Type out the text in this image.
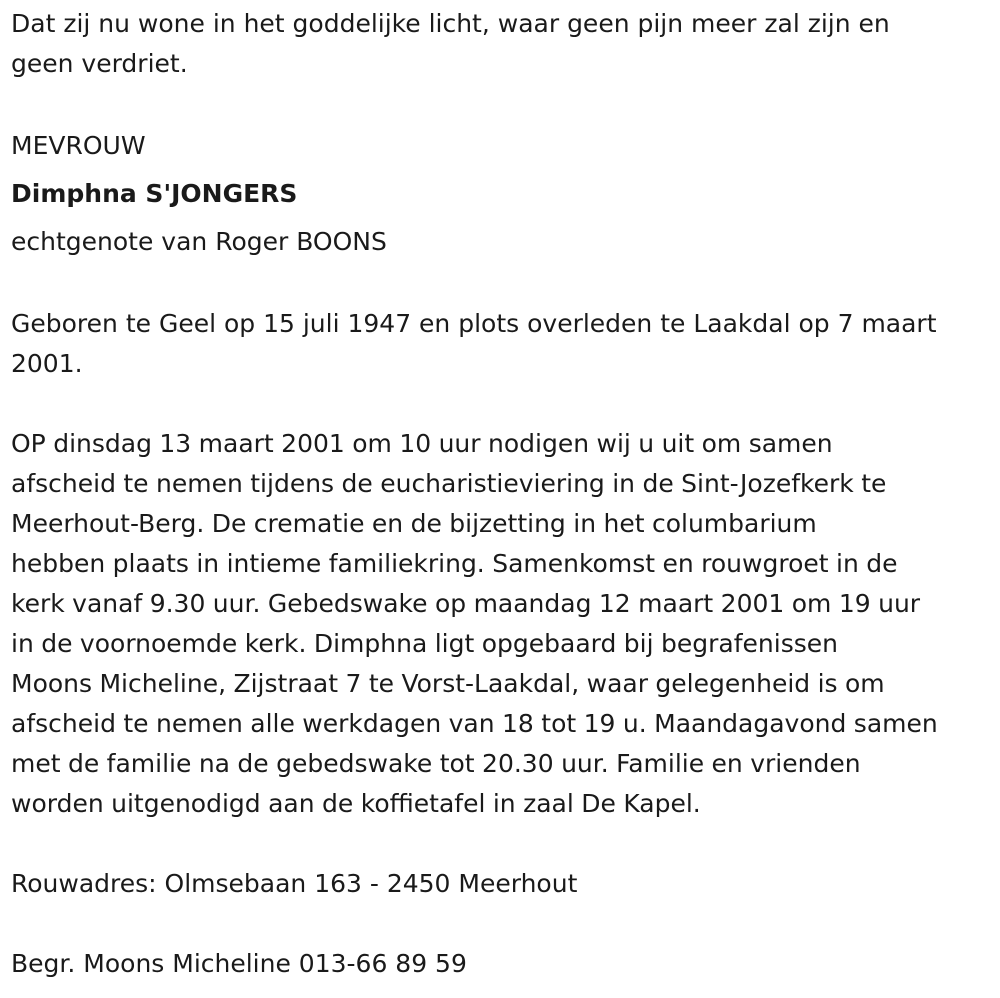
Dat zij nu wone in het goddelijke licht, waar geen pijn meer zal zijn en
geen verdriet.

MEVROUW

Dimphna S'JONGERS

echtgenote van Roger BOONS

Geboren te Geel op 15 juli 1947 en plots overleden te Laakdal op 7 maart
2001.

OP dinsdag 13 maart 2001 om 10 uur nodigen wij u uit om samen
afscheid te nemen tijdens de eucharistieviering in de Sint-Jozefkerk te
Meerhout-Berg. De crematie en de bijzetting in het columbarium
hebben plaats in intieme familiekring. Samenkomst en rouwgroet in de
kerk vanaf 9.30 uur. Gebedswake op maandag 12 maart 2001 om 19 uur
in de voornoemde kerk. Dimphna ligt opgebaard bij begrafenissen
Moons Micheline, Zijstraat 7 te Vorst-Laakdal, waar gelegenheid is om
afscheid te nemen alle werkdagen van 18 tot 19 u. Maandagavond samen
met de familie na de gebedswake tot 20.30 uur. Familie en vrienden
worden uitgenodigd aan de koffietafel in zaal De Kapel.

Rouwadres: Olmsebaan 163 - 2450 Meerhout

Begr. Moons Micheline 013-66 89 59
